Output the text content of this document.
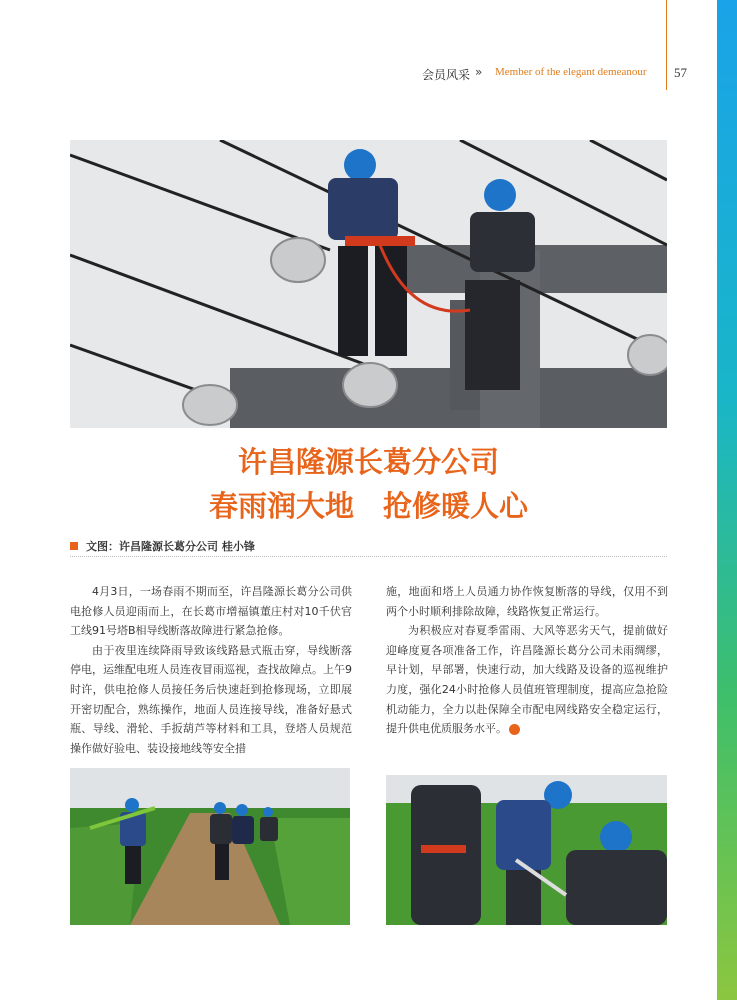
会员风采 » Member of the elegant demeanour 57
许昌隆源长葛分公司
春雨润大地　抢修暖人心
文图：许昌隆源长葛分公司 桂小锋

4月3日，一场春雨不期而至，许昌隆源长葛分公司供电抢修人员迎雨而上，在长葛市增福镇董庄村对10千伏官工线91号塔B相导线断落故障进行紧急抢修。

由于夜里连续降雨导致该线路悬式瓶击穿，导线断落停电，运维配电班人员连夜冒雨巡视，查找故障点。上午9时许，供电抢修人员接任务后快速赶到抢修现场，立即展开密切配合，熟练操作，地面人员连接导线，准备好悬式瓶、导线、滑轮、手扳葫芦等材料和工具，登塔人员规范操作做好验电、装设接地线等安全措

施，地面和塔上人员通力协作恢复断落的导线，仅用不到两个小时顺利排除故障，线路恢复正常运行。

为积极应对春夏季雷雨、大风等恶劣天气，提前做好迎峰度夏各项准备工作，许昌隆源长葛分公司未雨绸缪，早计划，早部署，快速行动，加大线路及设备的巡视维护力度，强化24小时抢修人员值班管理制度，提高应急抢险机动能力，全力以赴保障全市配电网线路安全稳定运行，提升供电优质服务水平。	C
